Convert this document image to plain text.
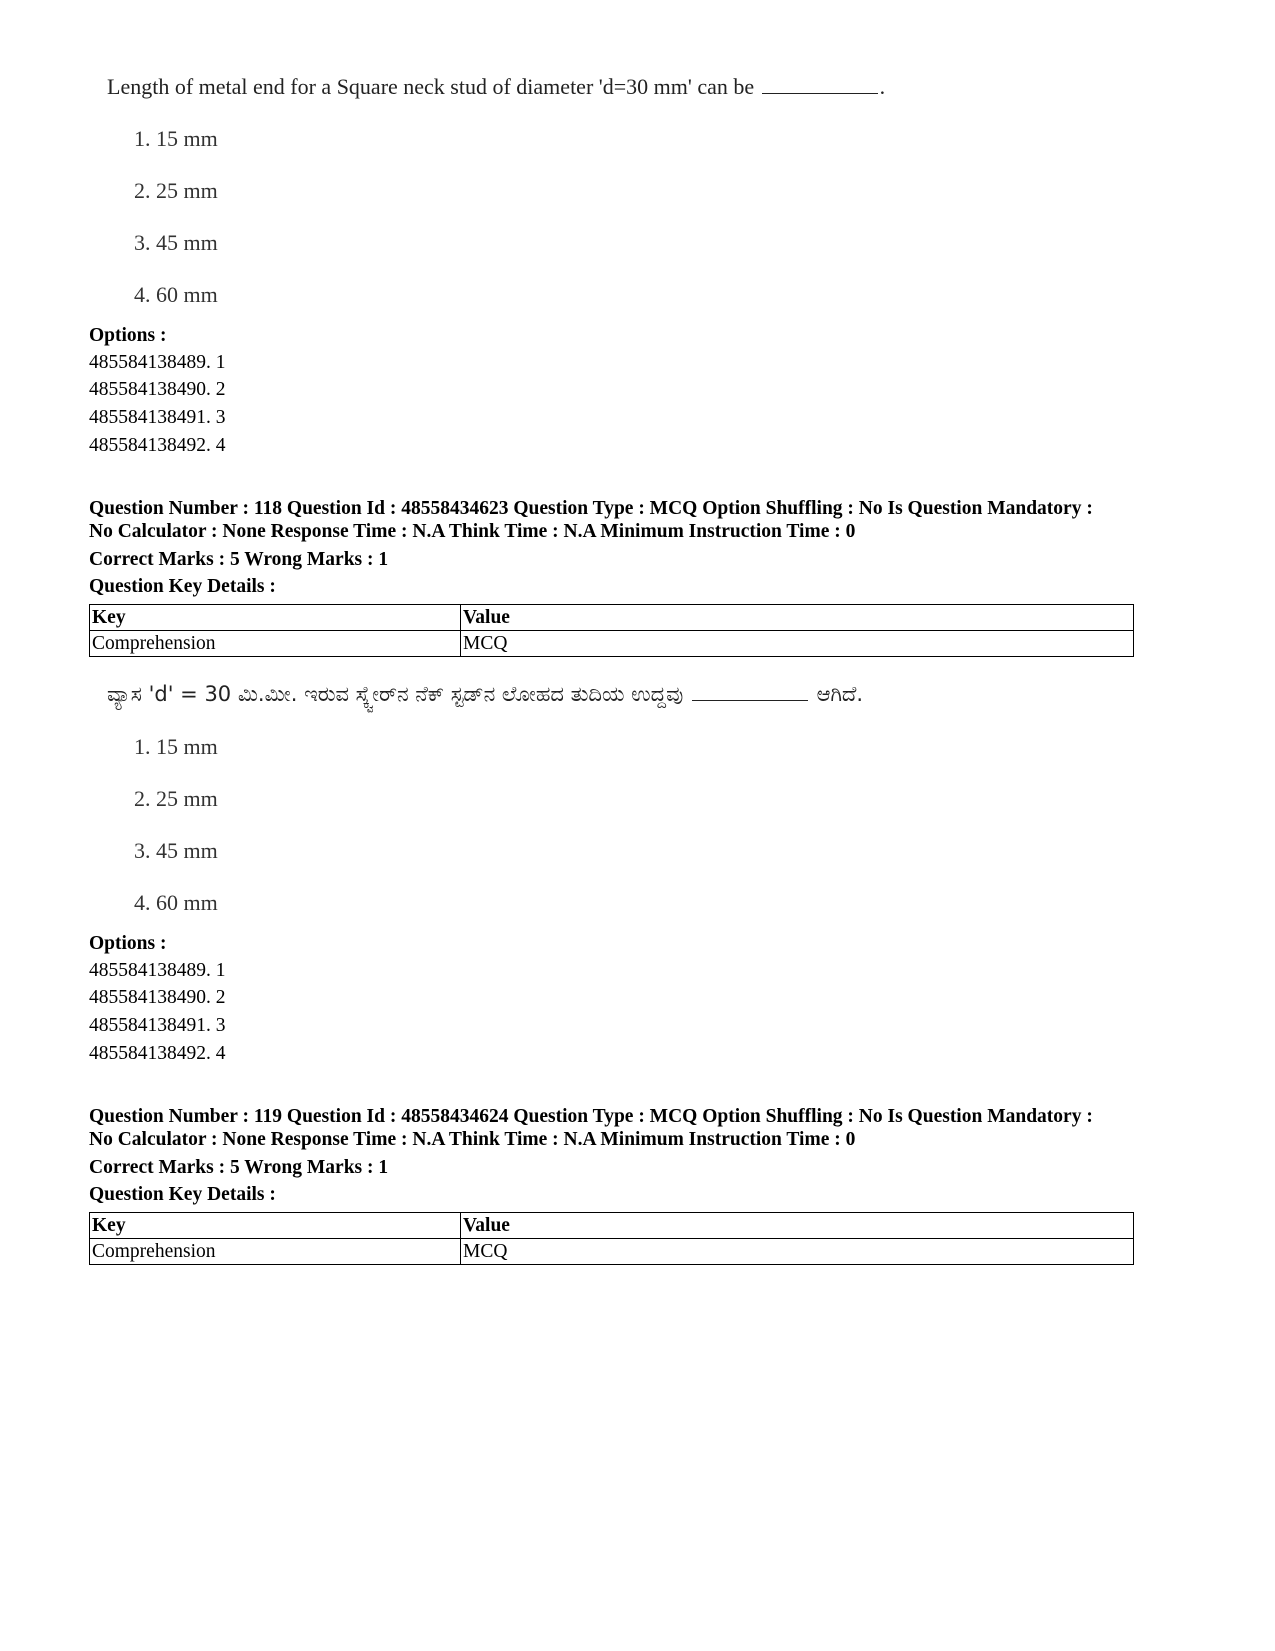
Length of metal end for a Square neck stud of diameter 'd=30 mm' can be	.
1. 15 mm
2. 25 mm
3. 45 mm
4. 60 mm
Options :
485584138489. 1
485584138490. 2
485584138491. 3
485584138492. 4
Question Number : 118 Question Id : 48558434623 Question Type : MCQ Option Shuffling : No Is Question Mandatory :
No Calculator : None Response Time : N.A Think Time : N.A Minimum Instruction Time : 0
Correct Marks : 5 Wrong Marks : 1
Question Key Details :
Key	Value
Comprehension	MCQ
ವ್ಯಾಸ 'd' = 30 ಮಿ.ಮೀ. ಇರುವ ಸ್ಕ್ವೇರ್‌ನ ನೆಕ್ ಸ್ಟಡ್‌ನ ಲೋಹದ ತುದಿಯ ಉದ್ದವು	ಆಗಿದೆ.
1. 15 mm
2. 25 mm
3. 45 mm
4. 60 mm
Options :
485584138489. 1
485584138490. 2
485584138491. 3
485584138492. 4
Question Number : 119 Question Id : 48558434624 Question Type : MCQ Option Shuffling : No Is Question Mandatory :
No Calculator : None Response Time : N.A Think Time : N.A Minimum Instruction Time : 0
Correct Marks : 5 Wrong Marks : 1
Question Key Details :
Key	Value
Comprehension	MCQ
